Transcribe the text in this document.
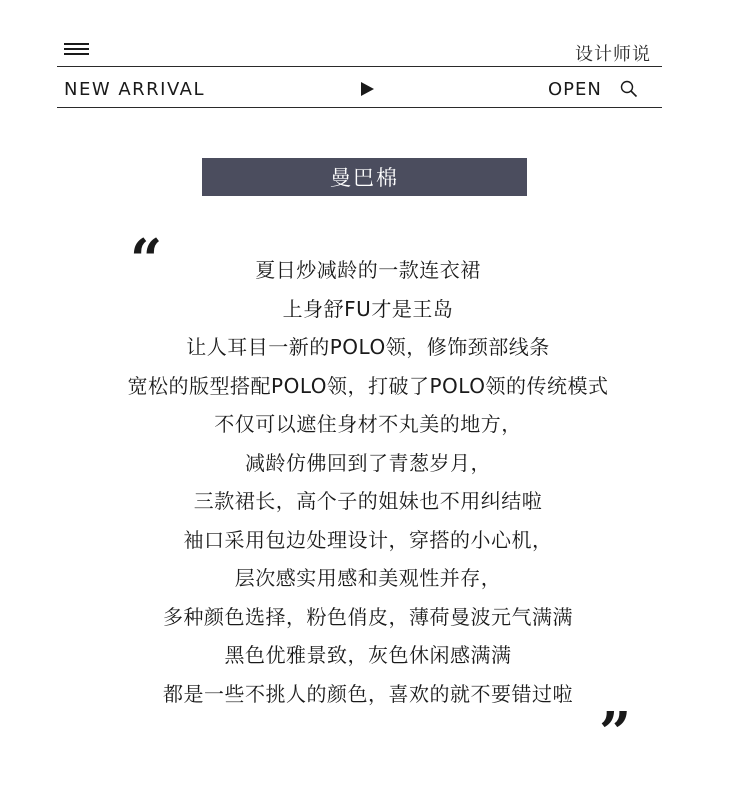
设计师说
NEW ARRIVAL	OPEN
曼巴棉
“	夏日炒减龄的一款连衣裙
上身舒FU才是王岛
让人耳目一新的POLO领，修饰颈部线条
宽松的版型搭配POLO领，打破了POLO领的传统模式
不仅可以遮住身材不丸美的地方，
减龄仿佛回到了青葱岁月，
三款裙长，高个子的姐妹也不用纠结啦
袖口采用包边处理设计，穿搭的小心机，
层次感实用感和美观性并存，
多种颜色选择，粉色俏皮，薄荷曼波元气满满
黑色优雅景致，灰色休闲感满满
都是一些不挑人的颜色，喜欢的就不要错过啦
”
